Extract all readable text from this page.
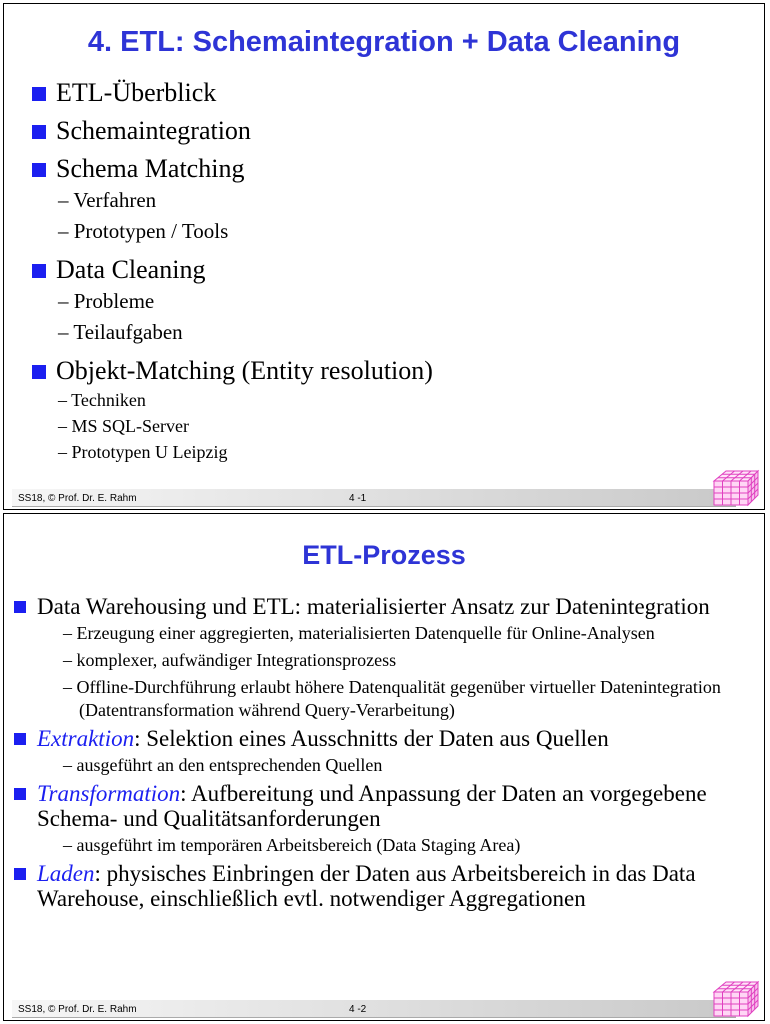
4. ETL: Schemaintegration + Data Cleaning
ETL-Überblick
Schemaintegration
Schema Matching
– Verfahren
– Prototypen / Tools
Data Cleaning
– Probleme
– Teilaufgaben
Objekt-Matching (Entity resolution)
– Techniken
– MS SQL-Server
– Prototypen U Leipzig
SS18, © Prof. Dr. E. Rahm	4 -1
ETL-Prozess
Data Warehousing und ETL: materialisierter Ansatz zur Datenintegration
– Erzeugung einer aggregierten, materialisierten Datenquelle für Online-Analysen
– komplexer, aufwändiger Integrationsprozess
– Offline-Durchführung erlaubt höhere Datenqualität gegenüber virtueller Datenintegration (Datentransformation während Query-Verarbeitung)
Extraktion: Selektion eines Ausschnitts der Daten aus Quellen
– ausgeführt an den entsprechenden Quellen
Transformation: Aufbereitung und Anpassung der Daten an vorgegebene Schema- und Qualitätsanforderungen
– ausgeführt im temporären Arbeitsbereich (Data Staging Area)
Laden: physisches Einbringen der Daten aus Arbeitsbereich in das Data Warehouse, einschließlich evtl. notwendiger Aggregationen
SS18, © Prof. Dr. E. Rahm	4 -2
